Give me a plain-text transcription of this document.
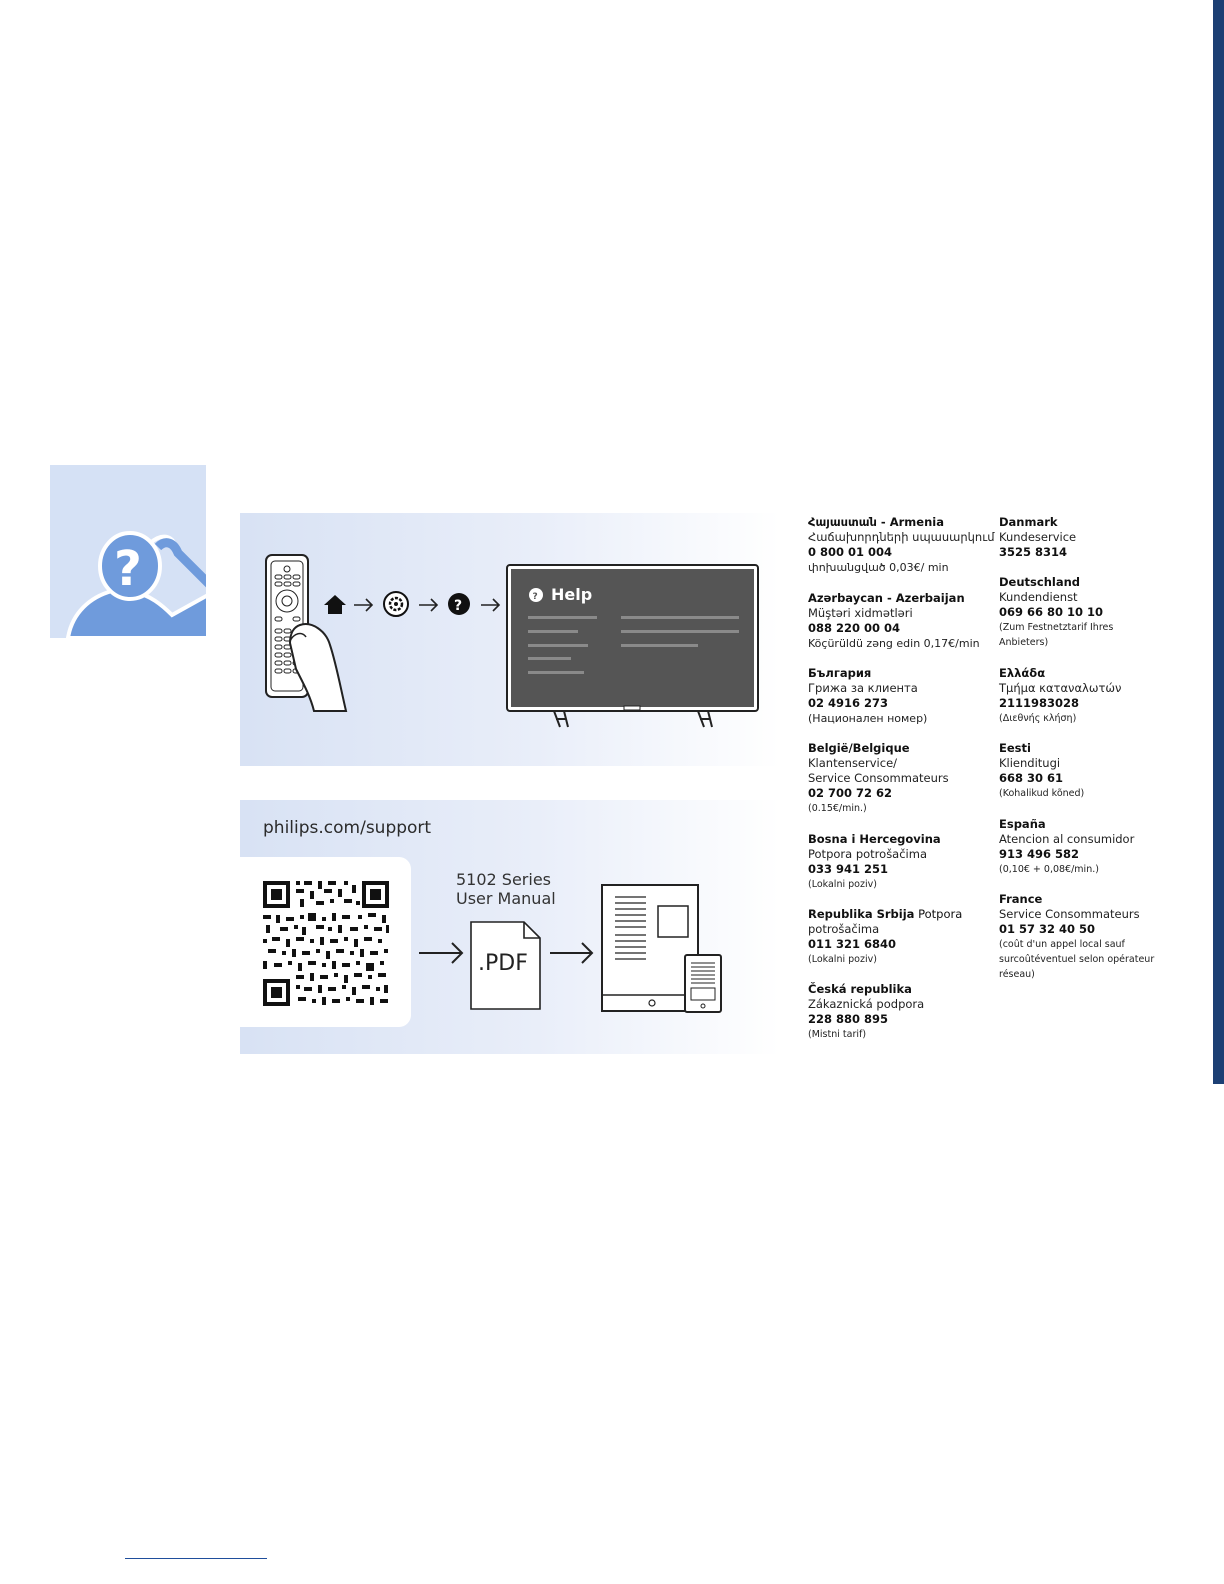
?
?
? Help
philips.com/support
5102 Series
User Manual
.PDF
Հայաստան - Armenia
Հաճախորդների սպասարկում
0 800 01 004
փոխանցված 0,03€/ min
Azərbaycan - Azerbaijan
Müştəri xidmətləri
088 220 00 04
Köçürüldü zəng edin 0,17€/min
България
Грижа за клиента
02 4916 273
(Национален номер)
België/Belgique
Klantenservice/
Service Consommateurs
02 700 72 62
(0.15€/min.)
Bosna i Hercegovina
Potpora potrošačima
033 941 251
(Lokalni poziv)
Republika Srbija Potpora
potrošačima
011 321 6840
(Lokalni poziv)
Česká republika
Zákaznická podpora
228 880 895
(Mistni tarif)
Danmark
Kundeservice
3525 8314
Deutschland
Kundendienst
069 66 80 10 10
(Zum Festnetztarif Ihres
Anbieters)
Ελλάδα
Τμήμα καταναλωτών
2111983028
(Διεθνής κλήση)
Eesti
Klienditugi
668 30 61
(Kohalikud kõned)
España
Atencion al consumidor
913 496 582
(0,10€ + 0,08€/min.)
France
Service Consommateurs
01 57 32 40 50
(coût d'un appel local sauf
surcoûtéventuel selon opérateur
réseau)
